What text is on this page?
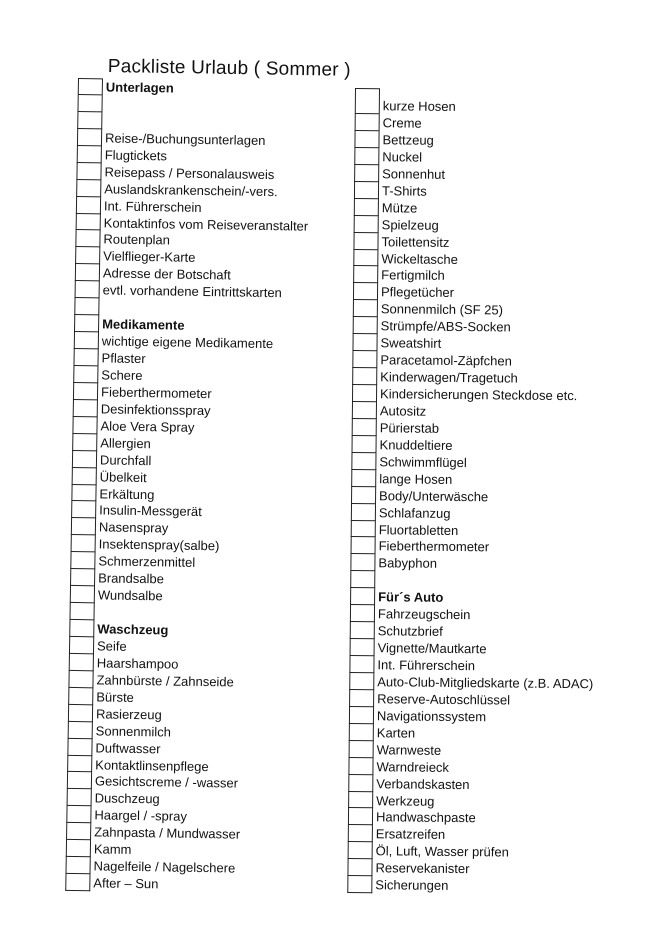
Packliste Urlaub ( Sommer )
Unterlagen
Reise-/Buchungsunterlagen
Flugtickets
Reisepass / Personalausweis
Auslandskrankenschein/-vers.
Int. Führerschein
Kontaktinfos vom Reiseveranstalter
Routenplan
Vielflieger-Karte
Adresse der Botschaft
evtl. vorhandene Eintrittskarten
Medikamente
wichtige eigene Medikamente
Pflaster
Schere
Fieberthermometer
Desinfektionsspray
Aloe Vera Spray
Allergien
Durchfall
Übelkeit
Erkältung
Insulin-Messgerät
Nasenspray
Insektenspray(salbe)
Schmerzenmittel
Brandsalbe
Wundsalbe
Waschzeug
Seife
Haarshampoo
Zahnbürste / Zahnseide
Bürste
Rasierzeug
Sonnenmilch
Duftwasser
Kontaktlinsenpflege
Gesichtscreme / -wasser
Duschzeug
Haargel / -spray
Zahnpasta / Mundwasser
Kamm
Nagelfeile / Nagelschere
After – Sun
kurze Hosen
Creme
Bettzeug
Nuckel
Sonnenhut
T-Shirts
Mütze
Spielzeug
Toilettensitz
Wickeltasche
Fertigmilch
Pflegetücher
Sonnenmilch (SF 25)
Strümpfe/ABS-Socken
Sweatshirt
Paracetamol-Zäpfchen
Kinderwagen/Tragetuch
Kindersicherungen Steckdose etc.
Autositz
Pürierstab
Knuddeltiere
Schwimmflügel
lange Hosen
Body/Unterwäsche
Schlafanzug
Fluortabletten
Fieberthermometer
Babyphon
Für´s Auto
Fahrzeugschein
Schutzbrief
Vignette/Mautkarte
Int. Führerschein
Auto-Club-Mitgliedskarte (z.B. ADAC)
Reserve-Autoschlüssel
Navigationssystem
Karten
Warnweste
Warndreieck
Verbandskasten
Werkzeug
Handwaschpaste
Ersatzreifen
Öl, Luft, Wasser prüfen
Reservekanister
Sicherungen
